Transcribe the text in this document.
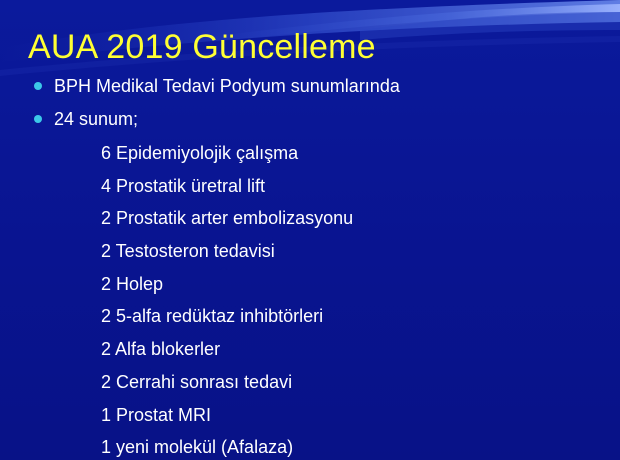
AUA 2019 Güncelleme
BPH Medikal Tedavi Podyum sunumlarında
24 sunum;
6 Epidemiyolojik çalışma
4 Prostatik üretral lift
2 Prostatik arter embolizasyonu
2 Testosteron tedavisi
2 Holep
2 5-alfa redüktaz inhibtörleri
2 Alfa blokerler
2 Cerrahi sonrası tedavi
1 Prostat MRI
1 yeni molekül (Afalaza)
